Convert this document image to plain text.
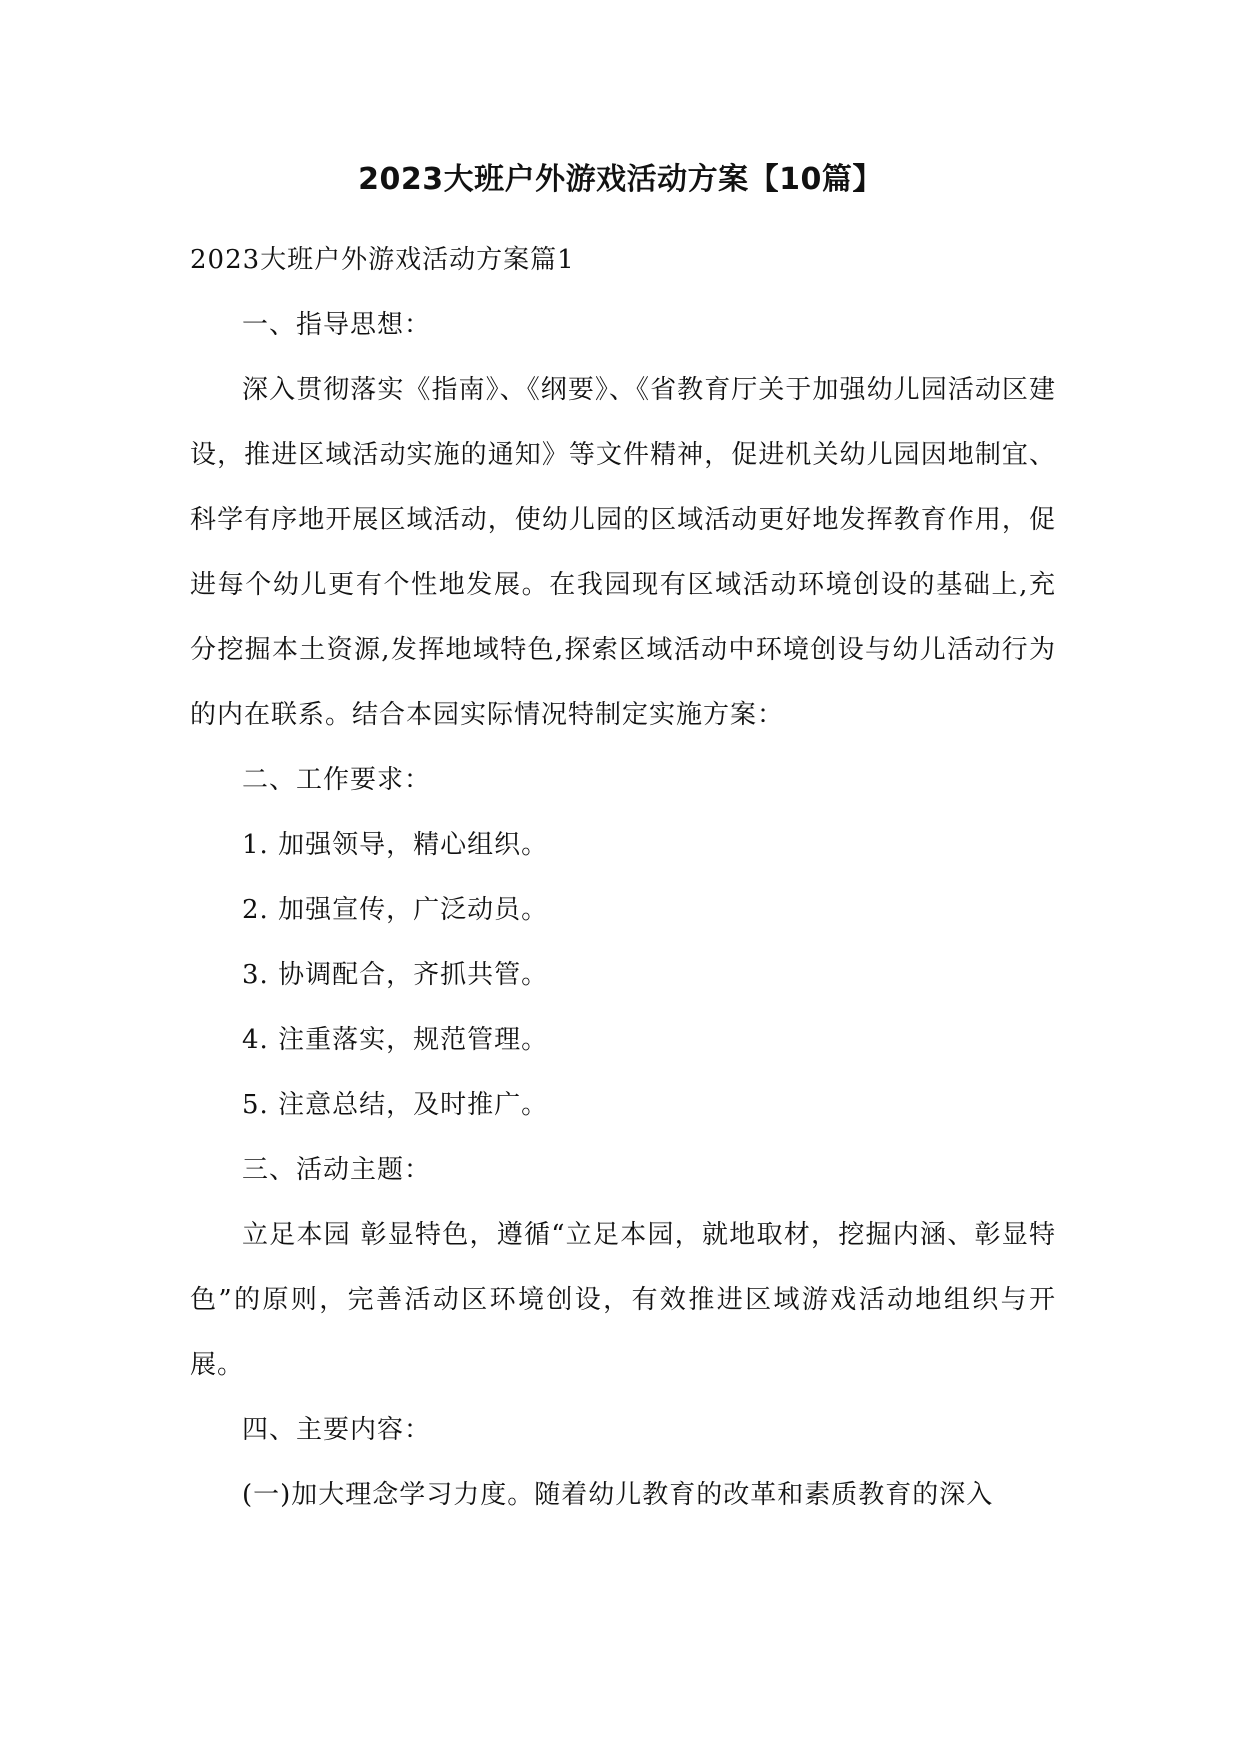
2023大班户外游戏活动方案【10篇】

2023大班户外游戏活动方案篇1

一、指导思想：

深入贯彻落实《指南》、《纲要》、《省教育厅关于加强幼儿园活动区建设，推进区域活动实施的通知》等文件精神，促进机关幼儿园因地制宜、科学有序地开展区域活动，使幼儿园的区域活动更好地发挥教育作用，促进每个幼儿更有个性地发展。在我园现有区域活动环境创设的基础上,充分挖掘本土资源,发挥地域特色,探索区域活动中环境创设与幼儿活动行为的内在联系。结合本园实际情况特制定实施方案：

二、工作要求：

1. 加强领导，精心组织。

2. 加强宣传，广泛动员。

3. 协调配合，齐抓共管。

4. 注重落实，规范管理。

5. 注意总结，及时推广。

三、活动主题：

立足本园 彰显特色，遵循“立足本园，就地取材，挖掘内涵、彰显特色”的原则，完善活动区环境创设，有效推进区域游戏活动地组织与开展。

四、主要内容：

(一)加大理念学习力度。随着幼儿教育的改革和素质教育的深入
